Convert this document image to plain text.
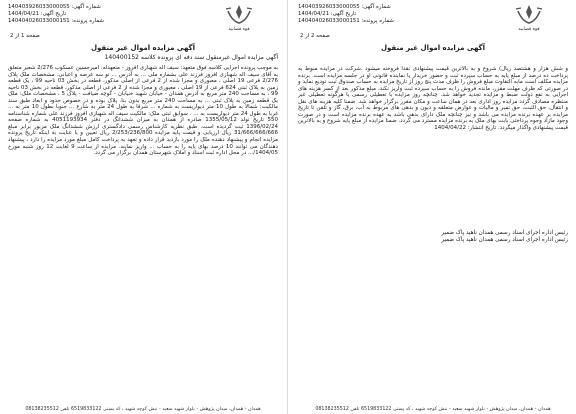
شماره آگهی: 140403926033000055
تاریخ آگهی: 1404/04/21
شماره پرونده: 140404026033000151
قوه قضاییه
صفحه 1 از 2
آگهی مزایده اموال غیر منقول
آگهی مزایده اموال غیرمنقول سند دفه ای پرونده کلاسه 140400152
به موجب پرونده اجرایی کلاسه فوق متعهد: سیف اله شهبازی افروز - متعهدله: امیرحسین عسکوب 2/276 شعیر متعلق به آقای سیف اله شهبازی افروز فرزند علی بشماره ملی ... به آدرس ... تو سه عرصه و اعیانی. مشخصات ملک پلاک 2/276 فرعی 19 اصلی ، معبوری و مجزا شده از 2 فرعی از اصلی مذکور، قطعه در بخش 03 ناحیه 99 ، یک قطعه زمین به پلاک ثبتی 624 فرعی از 19 اصلی ، معبوری و مجزا شده از 2 فرعی از اصلی مذکور، قطعه در بخش 03 ناحیه 99 ، به مساحت 240 متر مربع به آدرس همدان - خیابان شهید خنیابان - کوچه ضیافت - پلاک 5 ، مشخصات ملک: ملک یک قطعه زمین به پلاک ثبتی ... به مساحت 240 متر مربع بدون بنا. پلاک بوده و در خصوص حدود و ابعاد طبق سند مالکیت: شمالا به طول 10 متر دیواریست به شماره ... شرقا به طول 24 متر به شارع ... جنوبا بطول 10 متر به ... غربا به طول 24 متر دیواریست به ... . سوابق ثبتی ملک: مالکیت سیف اله شهبازی افروز فرزند علی شماره شناسنامه 550 تاریخ تولد 1355/05/12 صادره از همدان به میزان ششدانگ در دفتر 4051193934 به شماره صفحه 1396/02/24 ثبت گردیده است. طبق نظریه کارشناس رسمی دادگستری ارزش ششدانگ ملک مزبور برابر مبلغ 31/666/666/666 ریال ارزیابی و قیمت پایه مزایده 2/253/236/800 ریال تعیین و با عنایت به اینکه تاریخ پرونده مزایده انجام و پیشنهاد دهنده ملک را مورد بازدید قرار داده و تعهد به پرداخت کامل مبلغ مورد مزایده را دارد ، پیشنهاد دهندگان می توانند 10 درصد بهای پایه را به حساب ... واریز نمایند. مزایده از ساعت 9 لغایت 12 روز شنبه مورخ 1404/05/... در محل اداره ثبت اسناد و املاک شهرستان همدان برگزار می گردد.
همدان - همدان، میدان پژوهش - بلوار شهید سعید - نبش کوچه شهید ، کد پستی 6519833122 تلفن 08138235512
شماره آگهی: 140403926033000055
تاریخ آگهی: 1404/04/21
شماره پرونده: 140404026033000151
قوه قضاییه
صفحه 2 از 2
آگهی مزایده اموال غیر منقول
و شش هزار و هشتصد ریال) شروع و به بالاترین قیمت پیشنهادی نقدا فروخته میشود .شرکت در مزایده منوط به پرداخت ده درصد از مبلغ پایه به حساب سپرده ثبت و حضور خریدار یا نماینده قانونی او در جلسه مزایده است. برنده مزایده مکلف است مابه التفاوت مبلغ فروش را ظرف مدت پنج روز از تاریخ مزایده به حساب صندوق ثبت تودیع نماید و در صورتی که ظرف مهلت مقرر، مانده فروش را به حساب سپرده ثبت واریز نکند، مبلغ مذکور بعد از کسر هزینه های اجرایی به نفع دولت ضبط و مزایده تجدید خواهد شد. چنانچه روز مزایده با تعطیلی رسمی یا هرگونه تعطیلی غیر منتظره مصادف گردد مزایده روز اداری بعد در همان ساعت و مکان مقرر برگزار خواهد شد. ضمنا کلیه هزینه های نقل و انتقال، حق الثبت، حق تمبر و مالیات و عوارض متعلقه و دیون و بدهی های مربوط به آب، برق، گاز و تلفن تا تاریخ مزایده بر عهده برنده مزایده می باشد و نیز چنانچه ملک دارای بدهی باشد به عهده برنده مزایده است و در صورت وجود مازاد وجوه پرداختی بابت بهای ملک به برنده مزایده مسترد می گردد. ضمنا مزایده از مبلغ پایه شروع و به بالاترین قیمت پیشنهادی واگذار میگردد. تاریخ انتشار: 1404/04/22
رئیس اداره اجرای اسناد رسمی همدان ناهید پاک ضمیر
رئیس اداره اجرای اسناد رسمی همدان ناهید پاک ضمیر
همدان - همدان، میدان پژوهش - بلوار شهید سعید - نبش کوچه شهید ، کد پستی 6519833122 تلفن 08138235512
